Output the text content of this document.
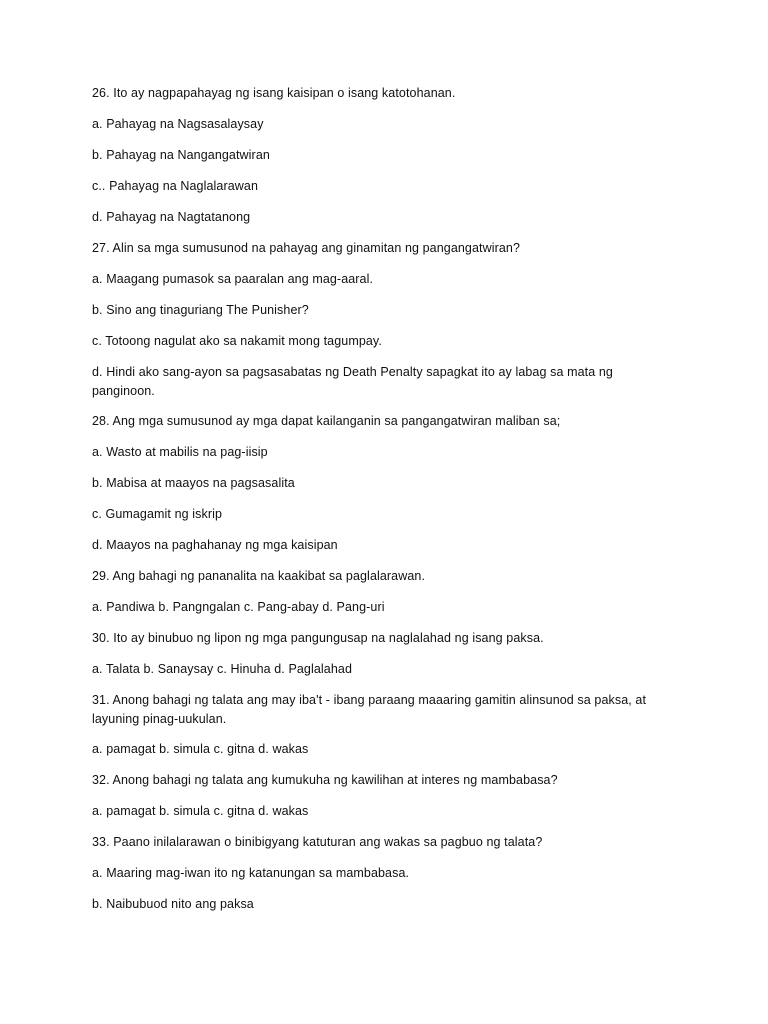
26. Ito ay nagpapahayag ng isang kaisipan o isang katotohanan.
a. Pahayag na Nagsasalaysay
b. Pahayag na Nangangatwiran
c.. Pahayag na Naglalarawan
d. Pahayag na Nagtatanong
27. Alin sa mga sumusunod na pahayag ang ginamitan ng pangangatwiran?
a. Maagang pumasok sa paaralan ang mag-aaral.
b. Sino ang tinaguriang The Punisher?
c. Totoong nagulat ako sa nakamit mong tagumpay.
d. Hindi ako sang-ayon sa pagsasabatas ng Death Penalty sapagkat ito ay labag sa mata ng panginoon.
28. Ang mga sumusunod ay mga dapat kailanganin sa pangangatwiran maliban sa;
a. Wasto at mabilis na pag-iisip
b. Mabisa at maayos na pagsasalita
c. Gumagamit ng iskrip
d. Maayos na paghahanay ng mga kaisipan
29. Ang bahagi ng pananalita na kaakibat sa paglalarawan.
a. Pandiwa b. Pangngalan c. Pang-abay d. Pang-uri
30. Ito ay binubuo ng lipon ng mga pangungusap na naglalahad ng isang paksa.
a. Talata b. Sanaysay c. Hinuha d. Paglalahad
31. Anong bahagi ng talata ang may iba't - ibang paraang maaaring gamitin alinsunod sa paksa, at layuning pinag-uukulan.
a. pamagat b. simula c. gitna d. wakas
32. Anong bahagi ng talata ang kumukuha ng kawilihan at interes ng mambabasa?
a. pamagat b. simula c. gitna d. wakas
33. Paano inilalarawan o binibigyang katuturan ang wakas sa pagbuo ng talata?
a. Maaring mag-iwan ito ng katanungan sa mambabasa.
b. Naibubuod nito ang paksa
